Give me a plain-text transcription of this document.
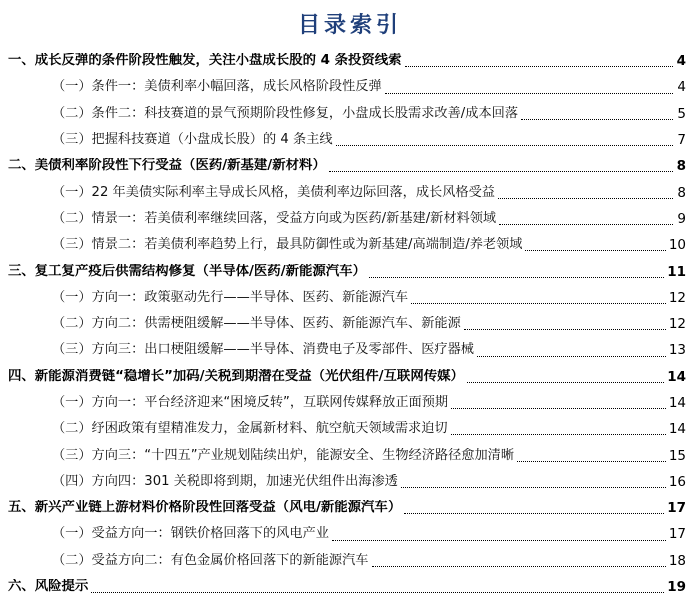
目录索引
一、成长反弹的条件阶段性触发，关注小盘成长股的 4 条投资线索	4
（一）条件一：美债利率小幅回落，成长风格阶段性反弹	4
（二）条件二：科技赛道的景气预期阶段性修复，小盘成长股需求改善/成本回落	5
（三）把握科技赛道（小盘成长股）的 4 条主线	7
二、美债利率阶段性下行受益（医药/新基建/新材料）	8
（一）22 年美债实际利率主导成长风格，美债利率边际回落，成长风格受益	8
（二）情景一：若美债利率继续回落，受益方向或为医药/新基建/新材料领域	9
（三）情景二：若美债利率趋势上行，最具防御性或为新基建/高端制造/养老领域	10
三、复工复产疫后供需结构修复（半导体/医药/新能源汽车）	11
（一）方向一：政策驱动先行——半导体、医药、新能源汽车	12
（二）方向二：供需梗阻缓解——半导体、医药、新能源汽车、新能源	12
（三）方向三：出口梗阻缓解——半导体、消费电子及零部件、医疗器械	13
四、新能源消费链“稳增长”加码/关税到期潜在受益（光伏组件/互联网传媒）	14
（一）方向一：平台经济迎来“困境反转”，互联网传媒释放正面预期	14
（二）纾困政策有望精准发力，金属新材料、航空航天领域需求迫切	14
（三）方向三：“十四五”产业规划陆续出炉，能源安全、生物经济路径愈加清晰	15
（四）方向四：301 关税即将到期，加速光伏组件出海渗透	16
五、新兴产业链上游材料价格阶段性回落受益（风电/新能源汽车）	17
（一）受益方向一：钢铁价格回落下的风电产业	17
（二）受益方向二：有色金属价格回落下的新能源汽车	18
六、风险提示	19
